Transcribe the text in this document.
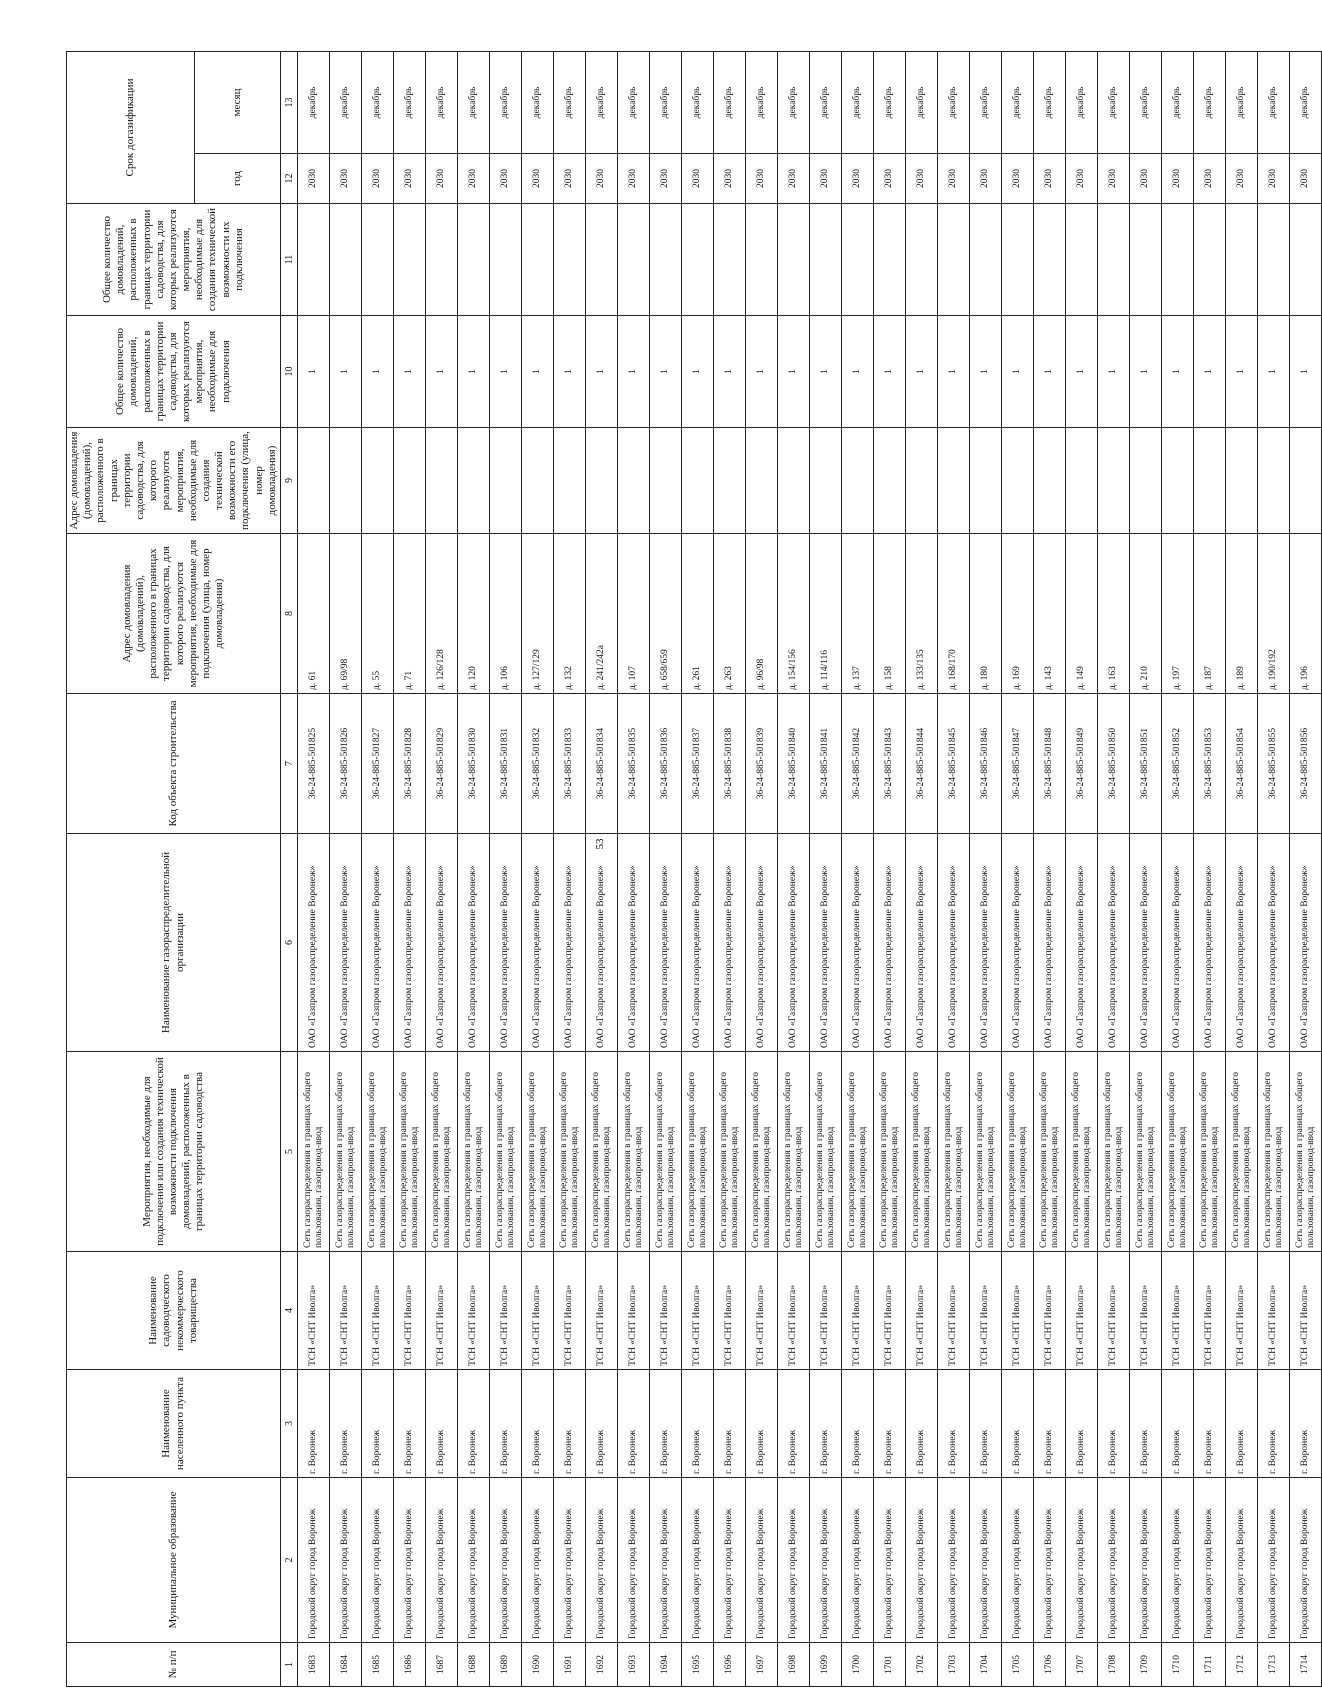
53
№ п/п	Муниципальное образование	Наименование населенного пункта	Наименование садоводческого некоммерческого товарищества	Мероприятия, необходимые для подключения или создания технической возможности подключения домовладений, расположенных в границах территории садоводства	Наименование газораспределительной организации	Код объекта строительства	Адрес домовладения (домовладений), расположенного в границах территории садоводства, для которого реализуются мероприятия, необходимые для подключения (улица, номер домовладения)	Адрес домовладения (домовладений), расположенного в границах территории садоводства, для которого реализуются мероприятия, необходимые для создания технической возможности его подключения (улица, номер домовладения)	Общее количество домовладений, расположенных в границах территории садоводства, для которых реализуются мероприятия, необходимые для подключения	Общее количество домовладений, расположенных в границах территории садоводства, для которых реализуются мероприятия, необходимые для создания технической возможности их подключения	Срок догазификации	
											год	месяц
1	2	3	4	5	6	7	8	9	10	11	12	13
1683	Городской округ город Воронеж	г. Воронеж	ТСН «СНТ Иволга»	Сеть газораспределения в границах общего пользования, газопровод-ввод	ОАО «Газпром газораспределение Воронеж»	36-24-885-501825	д. 61		1		2030	декабрь
1684	Городской округ город Воронеж	г. Воронеж	ТСН «СНТ Иволга»	Сеть газораспределения в границах общего пользования, газопровод-ввод	ОАО «Газпром газораспределение Воронеж»	36-24-885-501826	д. 69/98		1		2030	декабрь
1685	Городской округ город Воронеж	г. Воронеж	ТСН «СНТ Иволга»	Сеть газораспределения в границах общего пользования, газопровод-ввод	ОАО «Газпром газораспределение Воронеж»	36-24-885-501827	д. 55		1		2030	декабрь
1686	Городской округ город Воронеж	г. Воронеж	ТСН «СНТ Иволга»	Сеть газораспределения в границах общего пользования, газопровод-ввод	ОАО «Газпром газораспределение Воронеж»	36-24-885-501828	д. 71		1		2030	декабрь
1687	Городской округ город Воронеж	г. Воронеж	ТСН «СНТ Иволга»	Сеть газораспределения в границах общего пользования, газопровод-ввод	ОАО «Газпром газораспределение Воронеж»	36-24-885-501829	д. 126/128		1		2030	декабрь
1688	Городской округ город Воронеж	г. Воронеж	ТСН «СНТ Иволга»	Сеть газораспределения в границах общего пользования, газопровод-ввод	ОАО «Газпром газораспределение Воронеж»	36-24-885-501830	д. 120		1		2030	декабрь
1689	Городской округ город Воронеж	г. Воронеж	ТСН «СНТ Иволга»	Сеть газораспределения в границах общего пользования, газопровод-ввод	ОАО «Газпром газораспределение Воронеж»	36-24-885-501831	д. 106		1		2030	декабрь
1690	Городской округ город Воронеж	г. Воронеж	ТСН «СНТ Иволга»	Сеть газораспределения в границах общего пользования, газопровод-ввод	ОАО «Газпром газораспределение Воронеж»	36-24-885-501832	д. 127/129		1		2030	декабрь
1691	Городской округ город Воронеж	г. Воронеж	ТСН «СНТ Иволга»	Сеть газораспределения в границах общего пользования, газопровод-ввод	ОАО «Газпром газораспределение Воронеж»	36-24-885-501833	д. 132		1		2030	декабрь
1692	Городской округ город Воронеж	г. Воронеж	ТСН «СНТ Иволга»	Сеть газораспределения в границах общего пользования, газопровод-ввод	ОАО «Газпром газораспределение Воронеж»	36-24-885-501834	д. 241/242а		1		2030	декабрь
1693	Городской округ город Воронеж	г. Воронеж	ТСН «СНТ Иволга»	Сеть газораспределения в границах общего пользования, газопровод-ввод	ОАО «Газпром газораспределение Воронеж»	36-24-885-501835	д. 107		1		2030	декабрь
1694	Городской округ город Воронеж	г. Воронеж	ТСН «СНТ Иволга»	Сеть газораспределения в границах общего пользования, газопровод-ввод	ОАО «Газпром газораспределение Воронеж»	36-24-885-501836	д. 658/659		1		2030	декабрь
1695	Городской округ город Воронеж	г. Воронеж	ТСН «СНТ Иволга»	Сеть газораспределения в границах общего пользования, газопровод-ввод	ОАО «Газпром газораспределение Воронеж»	36-24-885-501837	д. 261		1		2030	декабрь
1696	Городской округ город Воронеж	г. Воронеж	ТСН «СНТ Иволга»	Сеть газораспределения в границах общего пользования, газопровод-ввод	ОАО «Газпром газораспределение Воронеж»	36-24-885-501838	д. 263		1		2030	декабрь
1697	Городской округ город Воронеж	г. Воронеж	ТСН «СНТ Иволга»	Сеть газораспределения в границах общего пользования, газопровод-ввод	ОАО «Газпром газораспределение Воронеж»	36-24-885-501839	д. 96/98		1		2030	декабрь
1698	Городской округ город Воронеж	г. Воронеж	ТСН «СНТ Иволга»	Сеть газораспределения в границах общего пользования, газопровод-ввод	ОАО «Газпром газораспределение Воронеж»	36-24-885-501840	д. 154/156		1		2030	декабрь
1699	Городской округ город Воронеж	г. Воронеж	ТСН «СНТ Иволга»	Сеть газораспределения в границах общего пользования, газопровод-ввод	ОАО «Газпром газораспределение Воронеж»	36-24-885-501841	д. 114/116		1		2030	декабрь
1700	Городской округ город Воронеж	г. Воронеж	ТСН «СНТ Иволга»	Сеть газораспределения в границах общего пользования, газопровод-ввод	ОАО «Газпром газораспределение Воронеж»	36-24-885-501842	д. 137		1		2030	декабрь
1701	Городской округ город Воронеж	г. Воронеж	ТСН «СНТ Иволга»	Сеть газораспределения в границах общего пользования, газопровод-ввод	ОАО «Газпром газораспределение Воронеж»	36-24-885-501843	д. 158		1		2030	декабрь
1702	Городской округ город Воронеж	г. Воронеж	ТСН «СНТ Иволга»	Сеть газораспределения в границах общего пользования, газопровод-ввод	ОАО «Газпром газораспределение Воронеж»	36-24-885-501844	д. 133/135		1		2030	декабрь
1703	Городской округ город Воронеж	г. Воронеж	ТСН «СНТ Иволга»	Сеть газораспределения в границах общего пользования, газопровод-ввод	ОАО «Газпром газораспределение Воронеж»	36-24-885-501845	д. 168/170		1		2030	декабрь
1704	Городской округ город Воронеж	г. Воронеж	ТСН «СНТ Иволга»	Сеть газораспределения в границах общего пользования, газопровод-ввод	ОАО «Газпром газораспределение Воронеж»	36-24-885-501846	д. 180		1		2030	декабрь
1705	Городской округ город Воронеж	г. Воронеж	ТСН «СНТ Иволга»	Сеть газораспределения в границах общего пользования, газопровод-ввод	ОАО «Газпром газораспределение Воронеж»	36-24-885-501847	д. 169		1		2030	декабрь
1706	Городской округ город Воронеж	г. Воронеж	ТСН «СНТ Иволга»	Сеть газораспределения в границах общего пользования, газопровод-ввод	ОАО «Газпром газораспределение Воронеж»	36-24-885-501848	д. 143		1		2030	декабрь
1707	Городской округ город Воронеж	г. Воронеж	ТСН «СНТ Иволга»	Сеть газораспределения в границах общего пользования, газопровод-ввод	ОАО «Газпром газораспределение Воронеж»	36-24-885-501849	д. 149		1		2030	декабрь
1708	Городской округ город Воронеж	г. Воронеж	ТСН «СНТ Иволга»	Сеть газораспределения в границах общего пользования, газопровод-ввод	ОАО «Газпром газораспределение Воронеж»	36-24-885-501850	д. 163		1		2030	декабрь
1709	Городской округ город Воронеж	г. Воронеж	ТСН «СНТ Иволга»	Сеть газораспределения в границах общего пользования, газопровод-ввод	ОАО «Газпром газораспределение Воронеж»	36-24-885-501851	д. 210		1		2030	декабрь
1710	Городской округ город Воронеж	г. Воронеж	ТСН «СНТ Иволга»	Сеть газораспределения в границах общего пользования, газопровод-ввод	ОАО «Газпром газораспределение Воронеж»	36-24-885-501852	д. 197		1		2030	декабрь
1711	Городской округ город Воронеж	г. Воронеж	ТСН «СНТ Иволга»	Сеть газораспределения в границах общего пользования, газопровод-ввод	ОАО «Газпром газораспределение Воронеж»	36-24-885-501853	д. 187		1		2030	декабрь
1712	Городской округ город Воронеж	г. Воронеж	ТСН «СНТ Иволга»	Сеть газораспределения в границах общего пользования, газопровод-ввод	ОАО «Газпром газораспределение Воронеж»	36-24-885-501854	д. 189		1		2030	декабрь
1713	Городской округ город Воронеж	г. Воронеж	ТСН «СНТ Иволга»	Сеть газораспределения в границах общего пользования, газопровод-ввод	ОАО «Газпром газораспределение Воронеж»	36-24-885-501855	д. 190/192		1		2030	декабрь
1714	Городской округ город Воронеж	г. Воронеж	ТСН «СНТ Иволга»	Сеть газораспределения в границах общего пользования, газопровод-ввод	ОАО «Газпром газораспределение Воронеж»	36-24-885-501856	д. 196		1		2030	декабрь
